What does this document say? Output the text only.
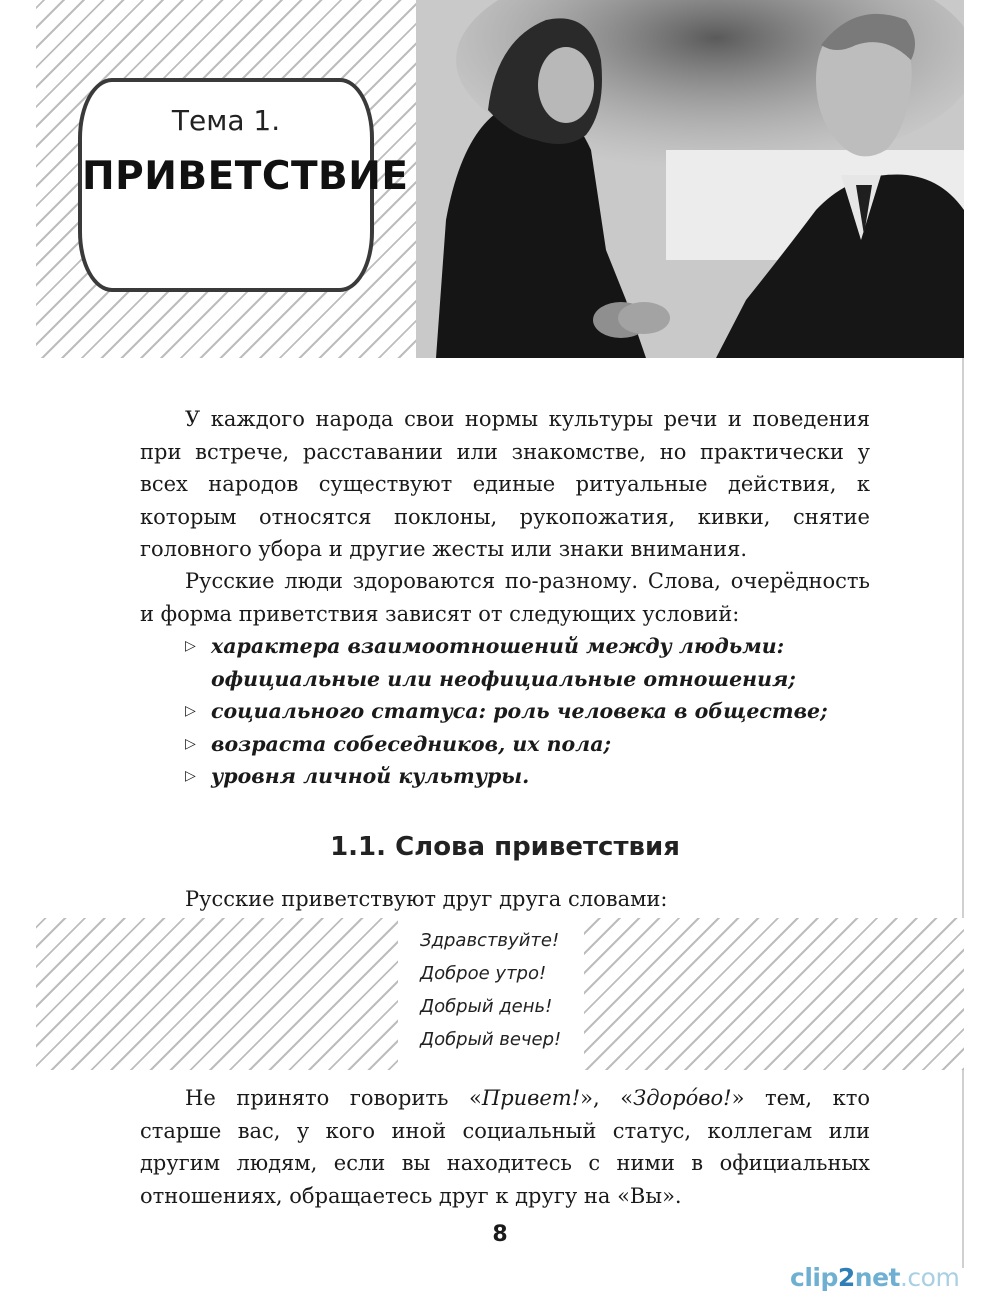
Тема 1.
ПРИВЕТСТВИЕ

У каждого народа свои нормы культуры речи и поведения при встрече, расставании или знакомстве, но практически у всех народов существуют единые ритуальные действия, к которым относятся поклоны, рукопожатия, кивки, снятие головного убора и другие жесты или знаки внимания.

Русские люди здороваются по-разному. Слова, очерёдность и форма приветствия зависят от следующих условий:

▷ характера взаимоотношений между людьми: официальные или неофициальные отношения;
▷ социального статуса: роль человека в обществе;
▷ возраста собеседников, их пола;
▷ уровня личной культуры.
1.1. Слова приветствия
Русские приветствуют друг друга словами:
Здравствуйте!
Доброе утро!
Добрый день!
Добрый вечер!

Не принято говорить «Привет!», «Здоро́во!» тем, кто старше вас, у кого иной социальный статус, коллегам или другим людям, если вы находитесь с ними в официальных отношениях, обращаетесь друг к другу на «Вы».

8
clip2net.com
